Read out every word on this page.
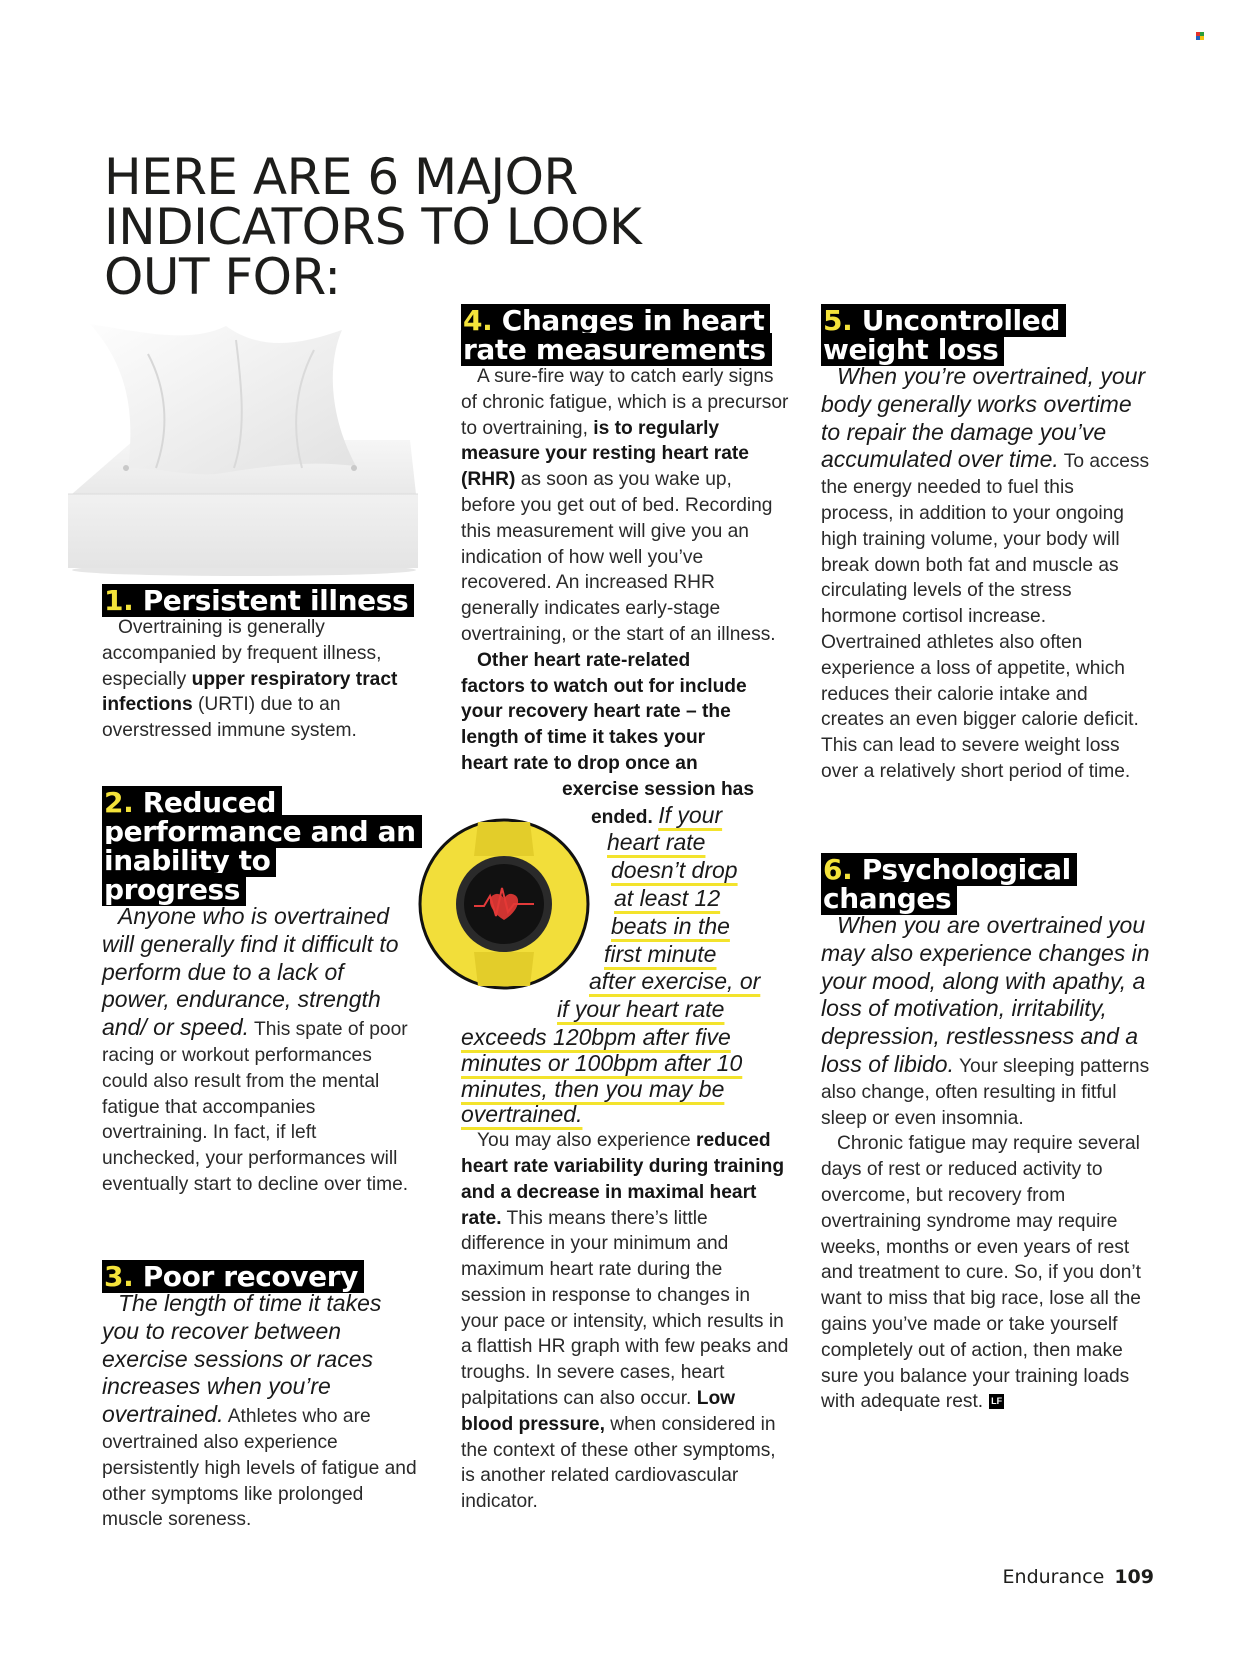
HERE ARE 6 MAJOR
INDICATORS TO LOOK
OUT FOR:
1. Persistent illness

Overtraining is generally accompanied by frequent illness, especially upper respiratory tract infections (URTI) due to an overstressed immune system.

2. Reduced performance and an inability to progress

Anyone who is overtrained will generally find it difficult to perform due to a lack of power, endurance, strength and/ or speed. This spate of poor racing or workout performances could also result from the mental fatigue that accompanies overtraining. In fact, if left unchecked, your performances will eventually start to decline over time.

3. Poor recovery

The length of time it takes you to recover between exercise sessions or races increases when you’re overtrained. Athletes who are overtrained also experience persistently high levels of fatigue and other symptoms like prolonged muscle soreness.

4. Changes in heart rate measurements

A sure-fire way to catch early signs of chronic fatigue, which is a precursor to overtraining, is to regularly measure your resting heart rate (RHR) as soon as you wake up, before you get out of bed. Recording this measurement will give you an indication of how well you’ve recovered. An increased RHR generally indicates early-stage overtraining, or the start of an illness.

Other heart rate-related
factors to watch out for include
your recovery heart rate – the
length of time it takes your
heart rate to drop once an
exercise session has
ended. If your
heart rate
doesn’t drop
at least 12
beats in the
first minute
after exercise, or
if your heart rate
exceeds 120bpm after five minutes or 100bpm after 10 minutes, then you may be overtrained.

You may also experience reduced heart rate variability during training and a decrease in maximal heart rate. This means there’s little difference in your minimum and maximum heart rate during the session in response to changes in your pace or intensity, which results in a flattish HR graph with few peaks and troughs. In severe cases, heart palpitations can also occur. Low blood pressure, when considered in the context of these other symptoms, is another related cardiovascular indicator.

5. Uncontrolled weight loss

When you’re overtrained, your body generally works overtime to repair the damage you’ve accumulated over time. To access the energy needed to fuel this process, in addition to your ongoing high training volume, your body will break down both fat and muscle as circulating levels of the stress hormone cortisol increase. Overtrained athletes also often experience a loss of appetite, which reduces their calorie intake and creates an even bigger calorie deficit. This can lead to severe weight loss over a relatively short period of time.

6. Psychological changes

When you are overtrained you may also experience changes in your mood, along with apathy, a loss of motivation, irritability, depression, restlessness and a loss of libido. Your sleeping patterns also change, often resulting in fitful sleep or even insomnia.

Chronic fatigue may require several days of rest or reduced activity to overcome, but recovery from overtraining syndrome may require weeks, months or even years of rest and treatment to cure. So, if you don’t want to miss that big race, lose all the gains you’ve made or take yourself completely out of action, then make sure you balance your training loads with adequate rest. LF

Endurance 109
